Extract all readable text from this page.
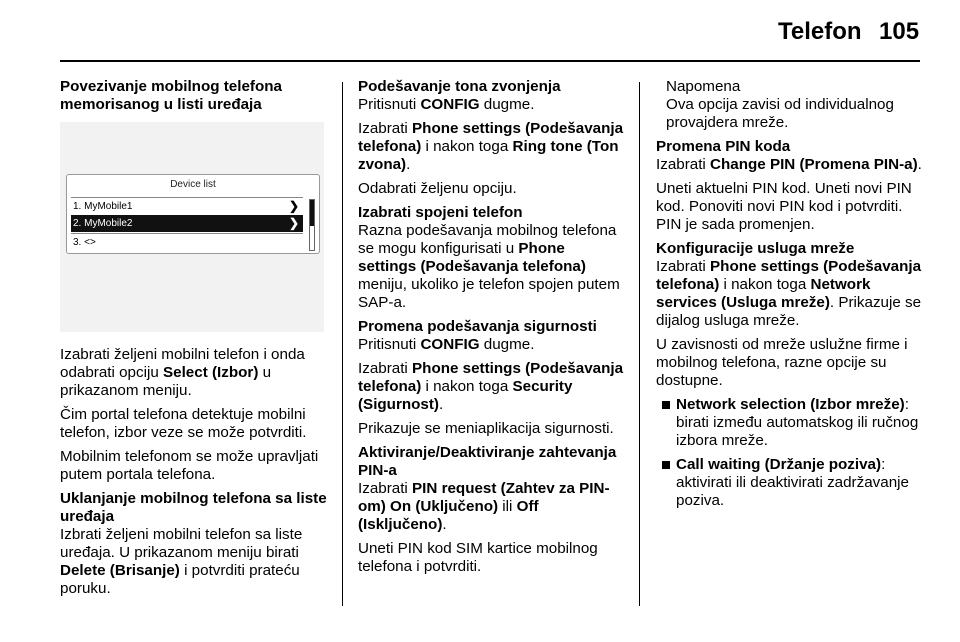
Telefon 105
Povezivanje mobilnog telefona memorisanog u listi uređaja
Device list
1. MyMobile1	❯
2. MyMobile2	❯
3. <>

Izabrati željeni mobilni telefon i onda odabrati opciju Select (Izbor) u prikazanom meniju.

Čim portal telefona detektuje mobilni telefon, izbor veze se može potvrditi.

Mobilnim telefonom se može upravljati putem portala telefona.

Uklanjanje mobilnog telefona sa liste uređaja

Izbrati željeni mobilni telefon sa liste uređaja. U prikazanom meniju birati Delete (Brisanje) i potvrditi prateću poruku.

Podešavanje tona zvonjenja

Pritisnuti CONFIG dugme.

Izabrati Phone settings (Podešavanja telefona) i nakon toga Ring tone (Ton zvona).

Odabrati željenu opciju.

Izabrati spojeni telefon

Razna podešavanja mobilnog telefona se mogu konfigurisati u Phone settings (Podešavanja telefona) meniju, ukoliko je telefon spojen putem SAP-a.

Promena podešavanja sigurnosti

Pritisnuti CONFIG dugme.

Izabrati Phone settings (Podešavanja telefona) i nakon toga Security (Sigurnost).

Prikazuje se meniaplikacija sigurnosti.

Aktiviranje/Deaktiviranje zahtevanja PIN-a

Izabrati PIN request (Zahtev za PIN-om) On (Uključeno) ili Off (Isključeno).

Uneti PIN kod SIM kartice mobilnog telefona i potvrditi.

Napomena

Ova opcija zavisi od individualnog provajdera mreže.

Promena PIN koda

Izabrati Change PIN (Promena PIN-a).

Uneti aktuelni PIN kod. Uneti novi PIN kod. Ponoviti novi PIN kod i potvrditi. PIN je sada promenjen.

Konfiguracije usluga mreže

Izabrati Phone settings (Podešavanja telefona) i nakon toga Network services (Usluga mreže). Prikazuje se dijalog usluga mreže.

U zavisnosti od mreže uslužne firme i mobilnog telefona, razne opcije su dostupne.

Network selection (Izbor mreže): birati između automatskog ili ručnog izbora mreže.
Call waiting (Držanje poziva): aktivirati ili deaktivirati zadržavanje poziva.
